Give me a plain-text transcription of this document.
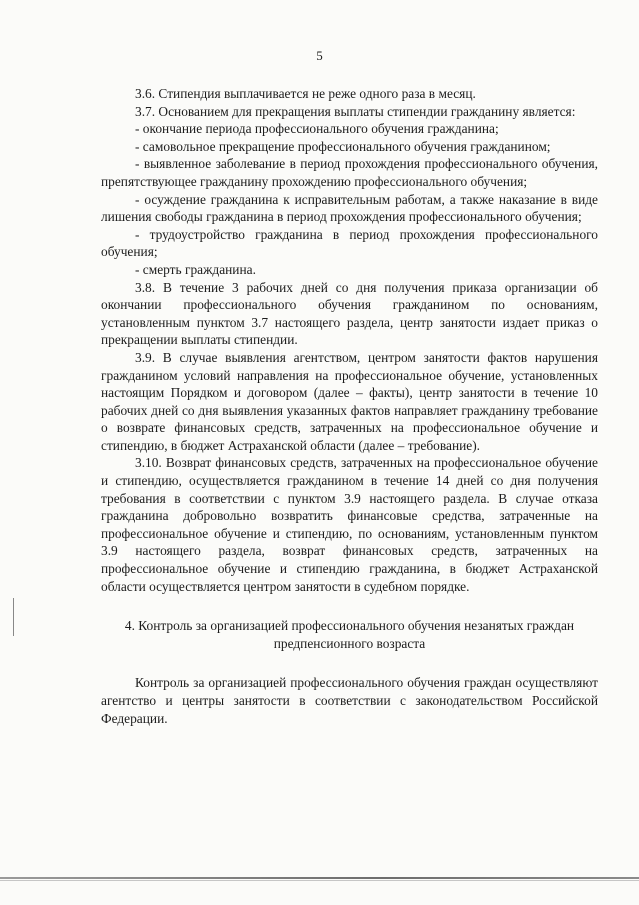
5

3.6. Стипендия выплачивается не реже одного раза в месяц.

3.7. Основанием для прекращения выплаты стипендии гражданину является:

- окончание периода профессионального обучения гражданина;

- самовольное прекращение профессионального обучения гражданином;

- выявленное заболевание в период прохождения профессионального обучения, препятствующее гражданину прохождению профессионального обучения;

- осуждение гражданина к исправительным работам, а также наказание в виде лишения свободы гражданина в период прохождения профессионального обучения;

- трудоустройство гражданина в период прохождения профессионального обучения;

- смерть гражданина.

3.8. В течение 3 рабочих дней со дня получения приказа организации об окончании профессионального обучения гражданином по основаниям, установленным пунктом 3.7 настоящего раздела, центр занятости издает приказ о прекращении выплаты стипендии.

3.9. В случае выявления агентством, центром занятости фактов нарушения гражданином условий направления на профессиональное обучение, установленных настоящим Порядком и договором (далее – факты), центр занятости в течение 10 рабочих дней со дня выявления указанных фактов направляет гражданину требование о возврате финансовых средств, затраченных на профессиональное обучение и стипендию, в бюджет Астраханской области (далее – требование).

3.10. Возврат финансовых средств, затраченных на профессиональное обучение и стипендию, осуществляется гражданином в течение 14 дней со дня получения требования в соответствии с пунктом 3.9 настоящего раздела. В случае отказа гражданина добровольно возвратить финансовые средства, затраченные на профессиональное обучение и стипендию, по основаниям, установленным пунктом 3.9 настоящего раздела, возврат финансовых средств, затраченных на профессиональное обучение и стипендию гражданина, в бюджет Астраханской области осуществляется центром занятости в судебном порядке.

4. Контроль за организацией профессионального обучения незанятых граждан предпенсионного возраста

Контроль за организацией профессионального обучения граждан осуществляют агентство и центры занятости в соответствии с законодательством Российской Федерации.
